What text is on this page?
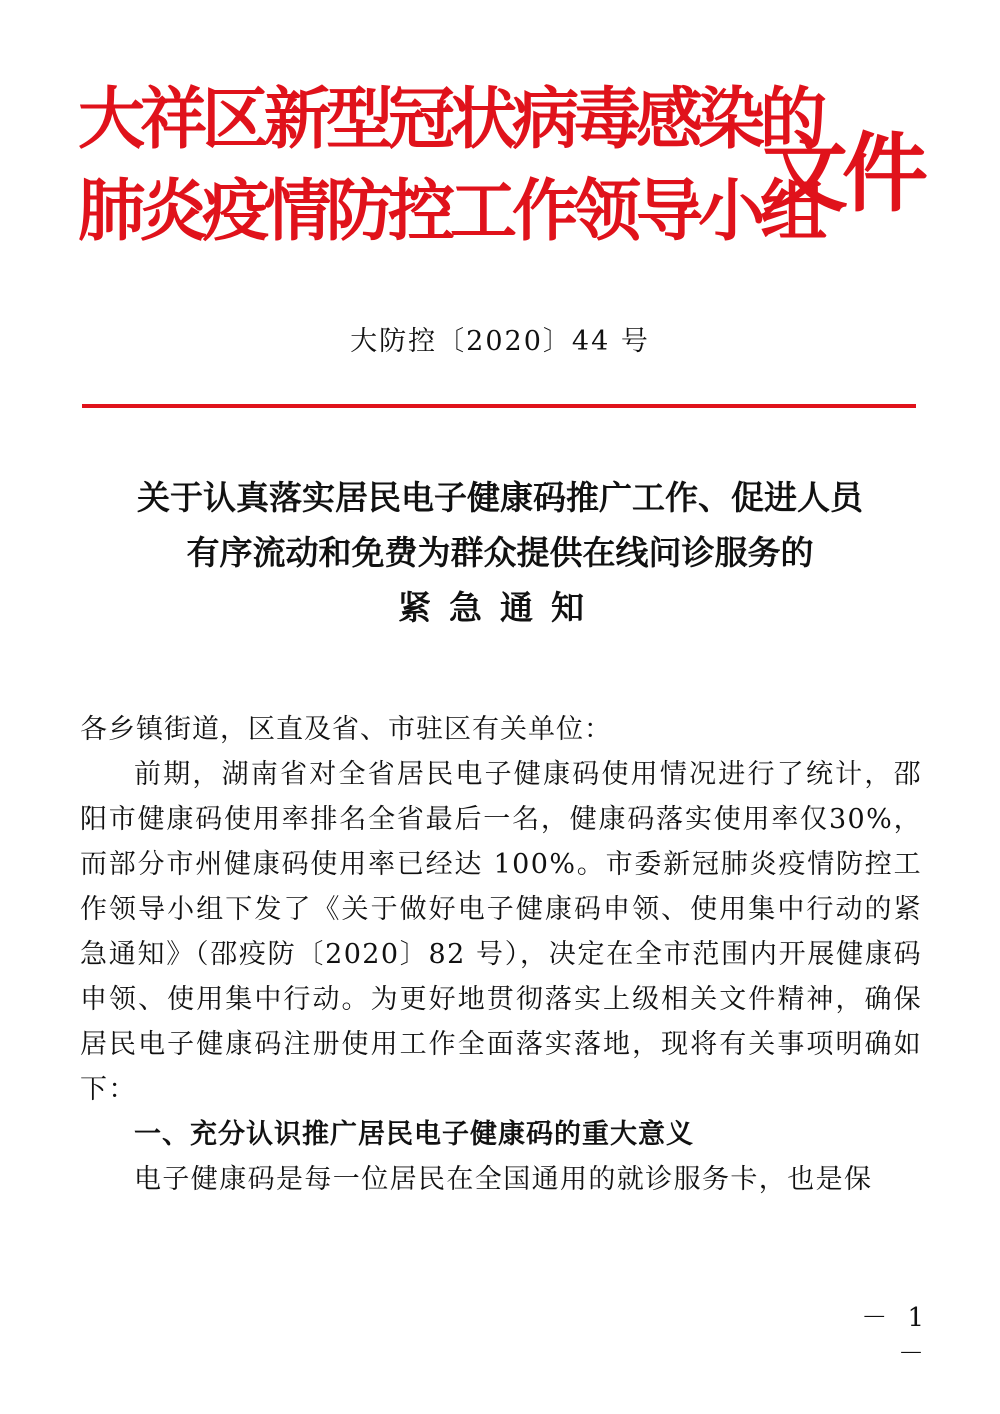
大祥区新型冠状病毒感染的
肺炎疫情防控工作领导小组
文件
大防控〔2020〕44 号
关于认真落实居民电子健康码推广工作、促进人员
有序流动和免费为群众提供在线问诊服务的
紧急通知

各乡镇街道，区直及省、市驻区有关单位：

前期，湖南省对全省居民电子健康码使用情况进行了统计，邵阳市健康码使用率排名全省最后一名，健康码落实使用率仅30%，而部分市州健康码使用率已经达 100%。市委新冠肺炎疫情防控工作领导小组下发了《关于做好电子健康码申领、使用集中行动的紧急通知》（邵疫防〔2020〕82 号），决定在全市范围内开展健康码申领、使用集中行动。为更好地贯彻落实上级相关文件精神，确保居民电子健康码注册使用工作全面落实落地，现将有关事项明确如下：

一、充分认识推广居民电子健康码的重大意义

电子健康码是每一位居民在全国通用的就诊服务卡，也是保

－ 1 －
